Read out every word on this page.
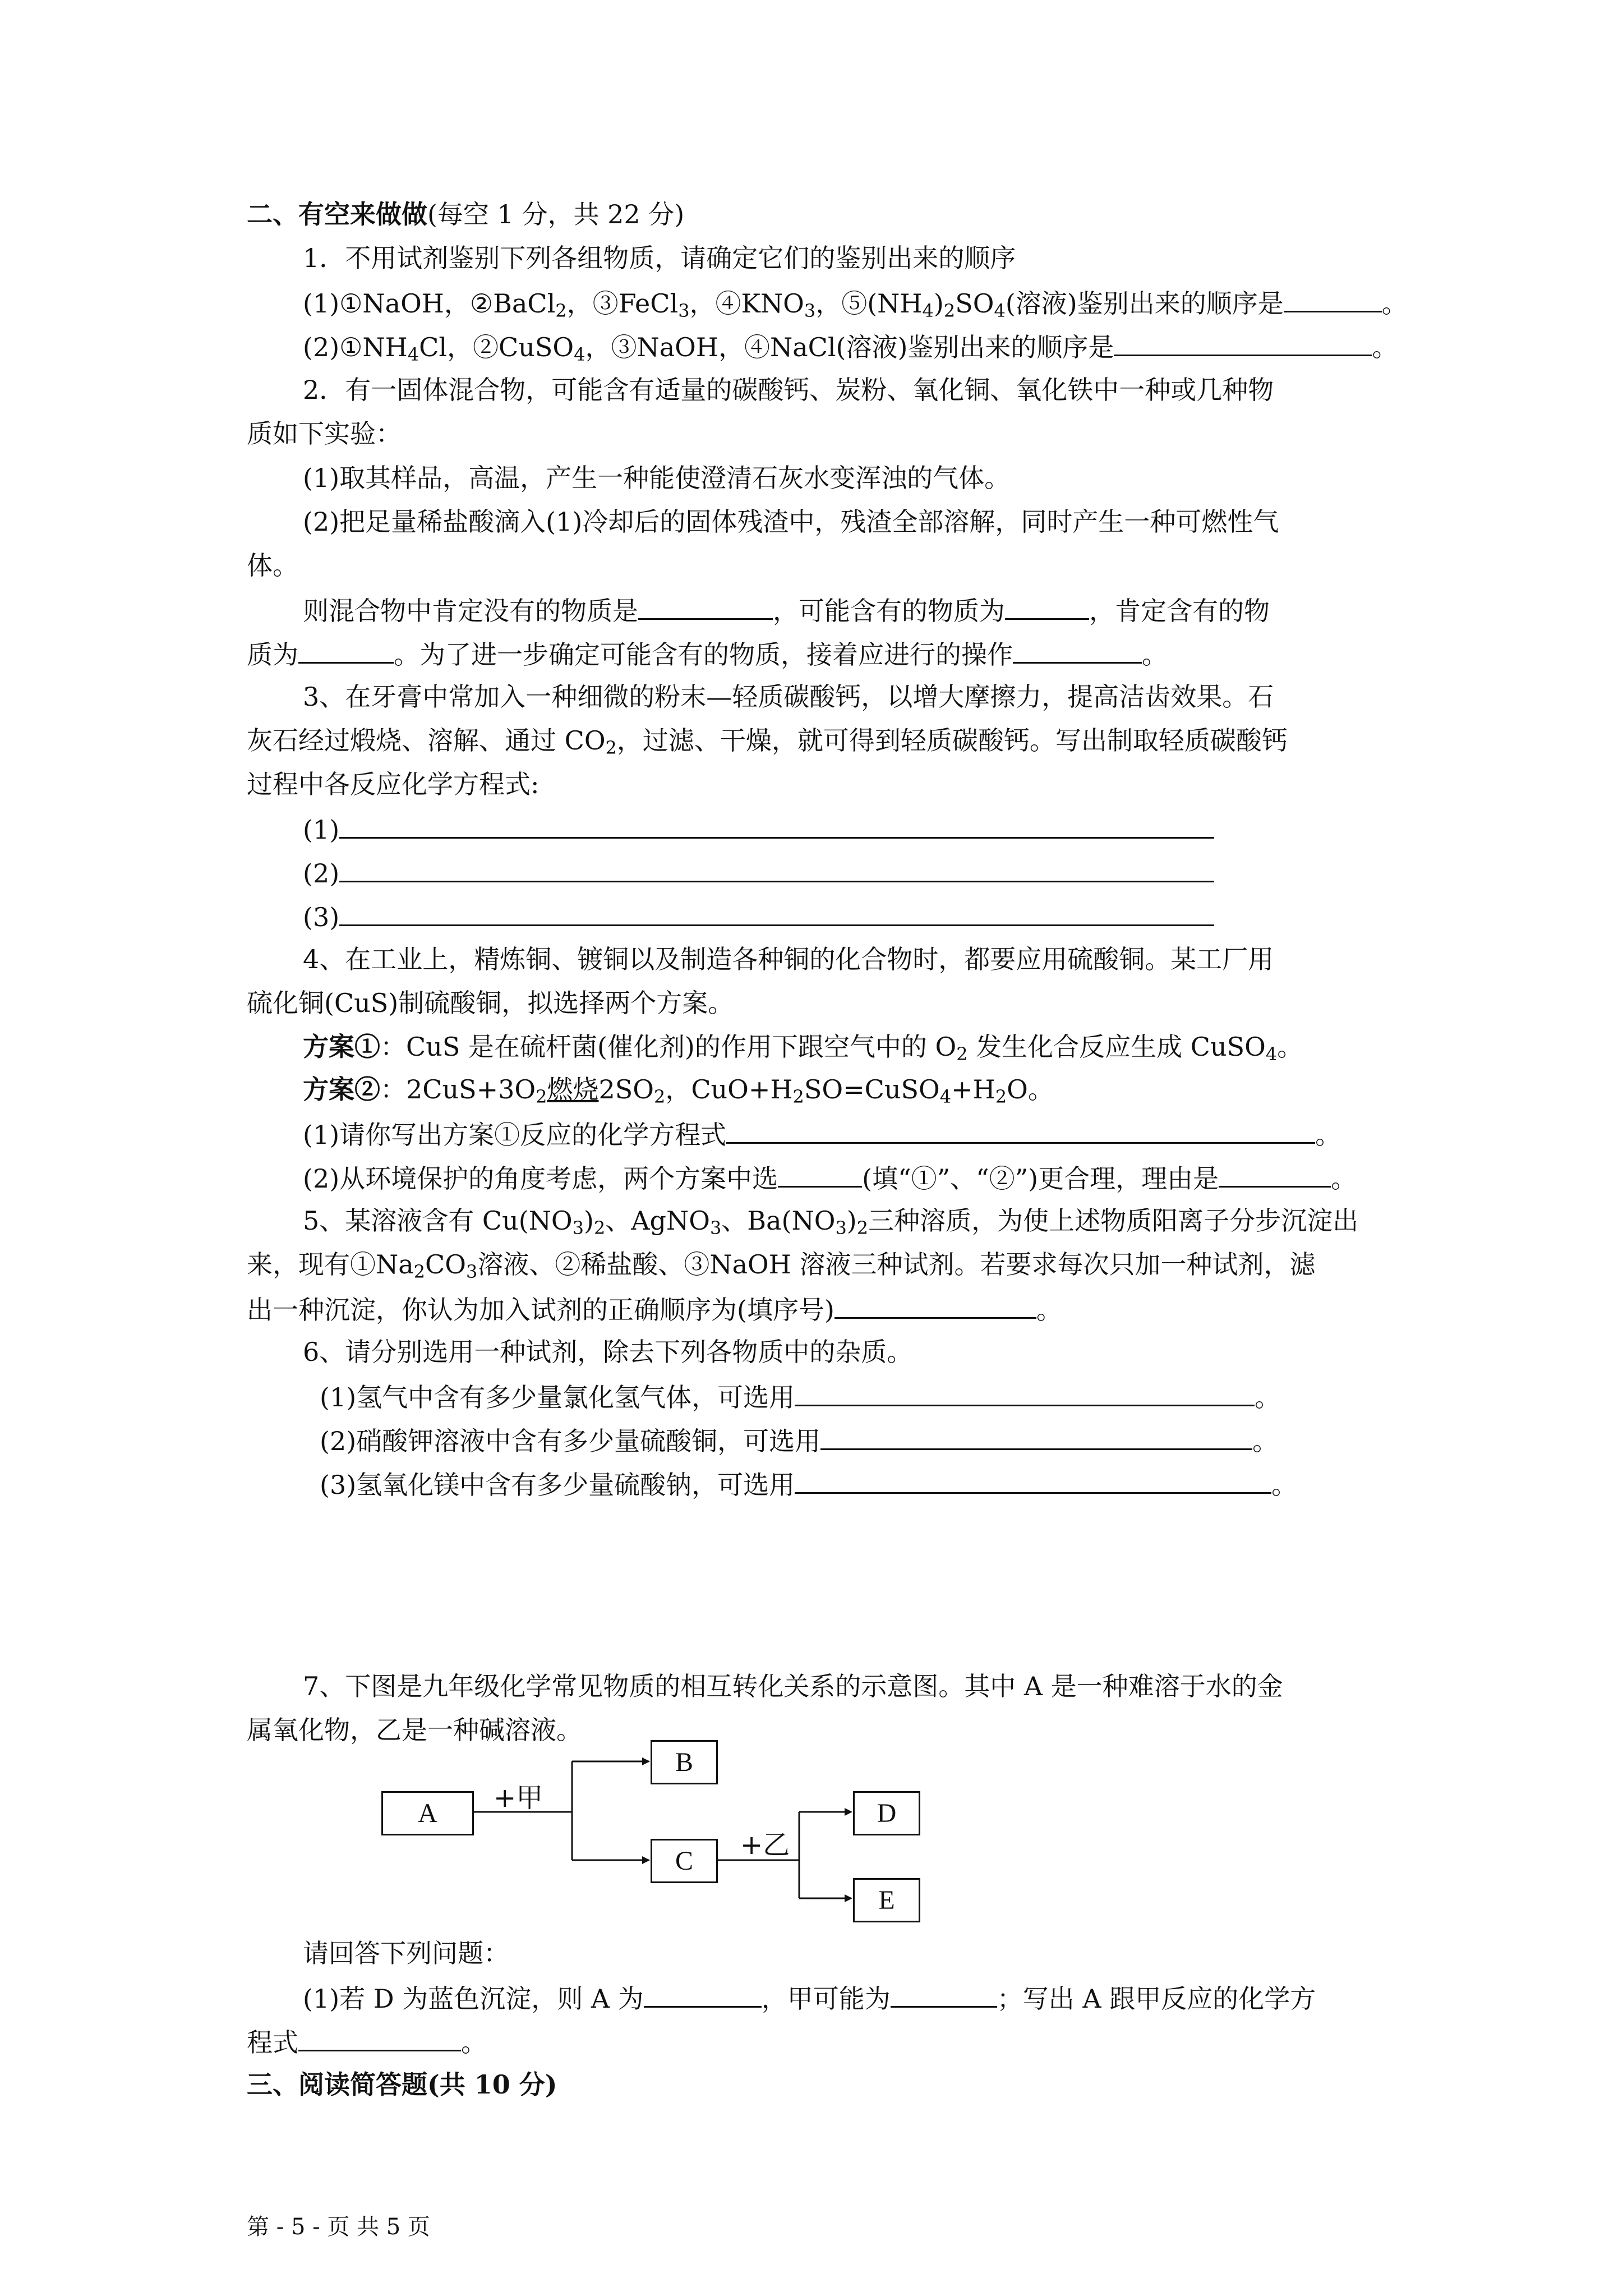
二、有空来做做(每空 1 分，共 22 分)
1．不用试剂鉴别下列各组物质，请确定它们的鉴别出来的顺序
(1)①NaOH，②BaCl$_2$，③FeCl$_3$，$④KNO_3$，$⑤(NH_4)_2SO_4$(溶液)鉴别出来的顺序是	。
$(2)①NH_4Cl$，②CuSO$_4$，③NaOH，④NaCl(溶液)鉴别出来的顺序是	。
2．有一固体混合物，可能含有适量的碳酸钙、炭粉、氧化铜、氧化铁中一种或几种物
质如下实验：
(1)取其样品，高温，产生一种能使澄清石灰水变浑浊的气体。
(2)把足量稀盐酸滴入(1)冷却后的固体残渣中，残渣全部溶解，同时产生一种可燃性气
体。
则混合物中肯定没有的物质是	，可能含有的物质为	，肯定含有的物
质为	。为了进一步确定可能含有的物质，接着应进行的操作	。
3、在牙膏中常加入一种细微的粉末—轻质碳酸钙，以增大摩擦力，提高洁齿效果。石
灰石经过煅烧、溶解、通过 $CO_2$，过滤、干燥，就可得到轻质碳酸钙。写出制取轻质碳酸钙
过程中各反应化学方程式:
(1)
(2)
(3)
4、在工业上，精炼铜、镀铜以及制造各种铜的化合物时，都要应用硫酸铜。某工厂用
硫化铜(CuS)制硫酸铜，拟选择两个方案。
方案①：CuS 是在硫杆菌(催化剂)的作用下跟空气中的 $O_2$ 发生化合反应生成 CuSO$_4$。
方案②：$2CuS+3O_2$燃烧$2SO_2$，$CuO+H_2SO=CuSO_4+H_2O$。
(1)请你写出方案①反应的化学方程式	。
(2)从环境保护的角度考虑，两个方案中选	(填“①”、“②”)更合理，理由是	。
5、某溶液含有 $Cu(NO_3)_2$、AgNO$_3$、$Ba(NO_3)_2$三种溶质，为使上述物质阳离子分步沉淀出
来，现有$①Na_2CO_3$溶液、②稀盐酸、③NaOH 溶液三种试剂。若要求每次只加一种试剂，滤
出一种沉淀，你认为加入试剂的正确顺序为(填序号)	。
6、请分别选用一种试剂，除去下列各物质中的杂质。
(1)氢气中含有多少量氯化氢气体，可选用	。
(2)硝酸钾溶液中含有多少量硫酸铜，可选用	。
(3)氢氧化镁中含有多少量硫酸钠，可选用	。
7、下图是九年级化学常见物质的相互转化关系的示意图。其中 A 是一种难溶于水的金
属氧化物，乙是一种碱溶液。
A
B
C
D
E
+甲
+乙
请回答下列问题：
(1)若 D 为蓝色沉淀，则 A 为	，甲可能为	；写出 A 跟甲反应的化学方
程式	。
三、阅读简答题(共 10 分)
第 - 5 - 页 共 5 页
